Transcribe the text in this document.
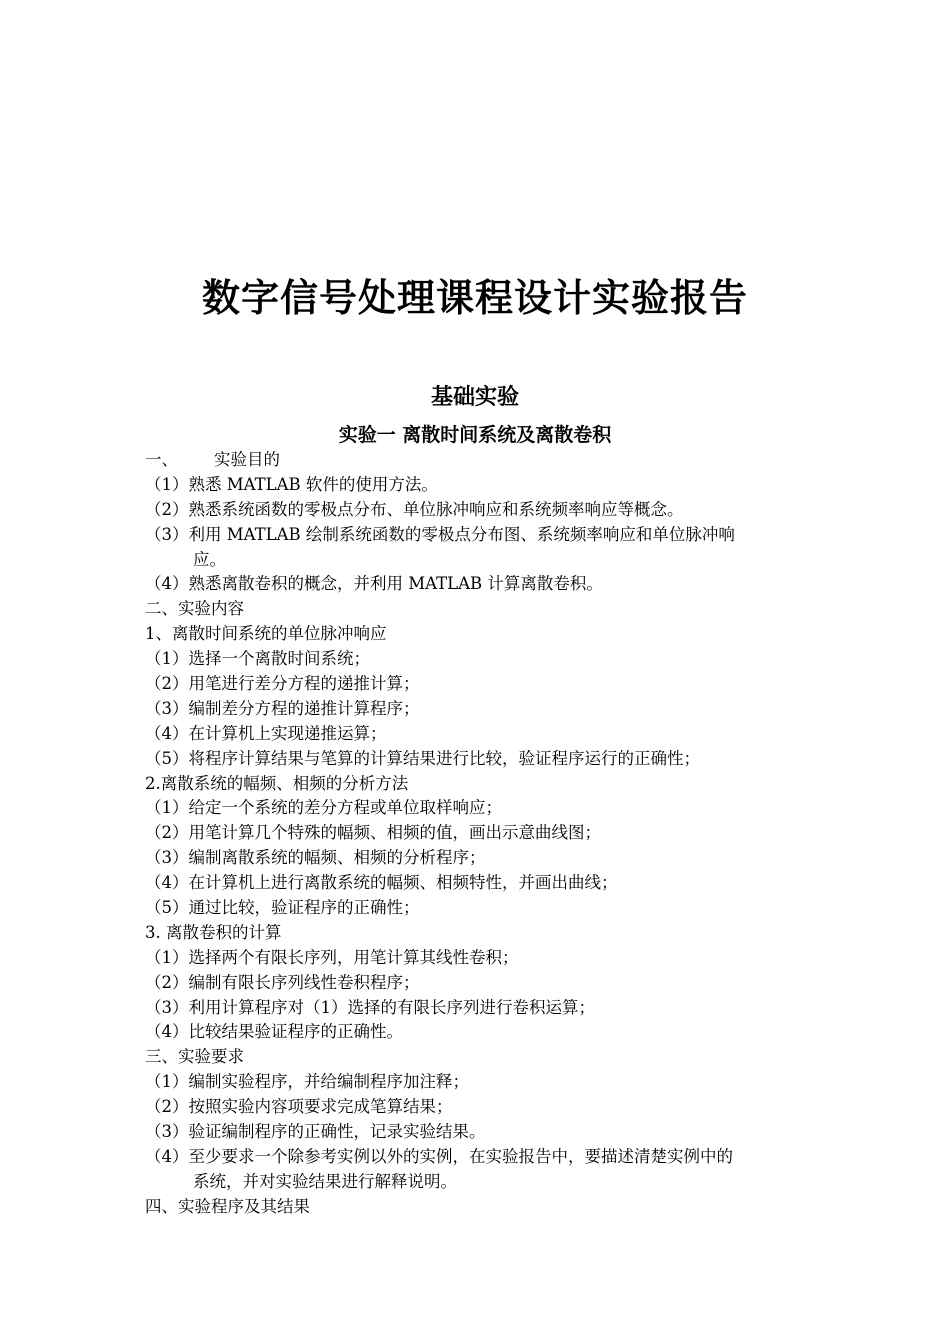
数字信号处理课程设计实验报告
基础实验
实验一 离散时间系统及离散卷积
一、 实验目的
（1）熟悉 MATLAB 软件的使用方法。
（2）熟悉系统函数的零极点分布、单位脉冲响应和系统频率响应等概念。
（3）利用 MATLAB 绘制系统函数的零极点分布图、系统频率响应和单位脉冲响
应。
（4）熟悉离散卷积的概念，并利用 MATLAB 计算离散卷积。
二、实验内容
1、离散时间系统的单位脉冲响应
（1）选择一个离散时间系统；
（2）用笔进行差分方程的递推计算；
（3）编制差分方程的递推计算程序；
（4）在计算机上实现递推运算；
（5）将程序计算结果与笔算的计算结果进行比较，验证程序运行的正确性；
2.离散系统的幅频、相频的分析方法
（1）给定一个系统的差分方程或单位取样响应；
（2）用笔计算几个特殊的幅频、相频的值，画出示意曲线图；
（3）编制离散系统的幅频、相频的分析程序；
（4）在计算机上进行离散系统的幅频、相频特性，并画出曲线；
（5）通过比较，验证程序的正确性；
3. 离散卷积的计算
（1）选择两个有限长序列，用笔计算其线性卷积；
（2）编制有限长序列线性卷积程序；
（3）利用计算程序对（1）选择的有限长序列进行卷积运算；
（4）比较结果验证程序的正确性。
三、实验要求
（1）编制实验程序，并给编制程序加注释；
（2）按照实验内容项要求完成笔算结果；
（3）验证编制程序的正确性，记录实验结果。
（4）至少要求一个除参考实例以外的实例，在实验报告中，要描述清楚实例中的
系统，并对实验结果进行解释说明。
四、实验程序及其结果
